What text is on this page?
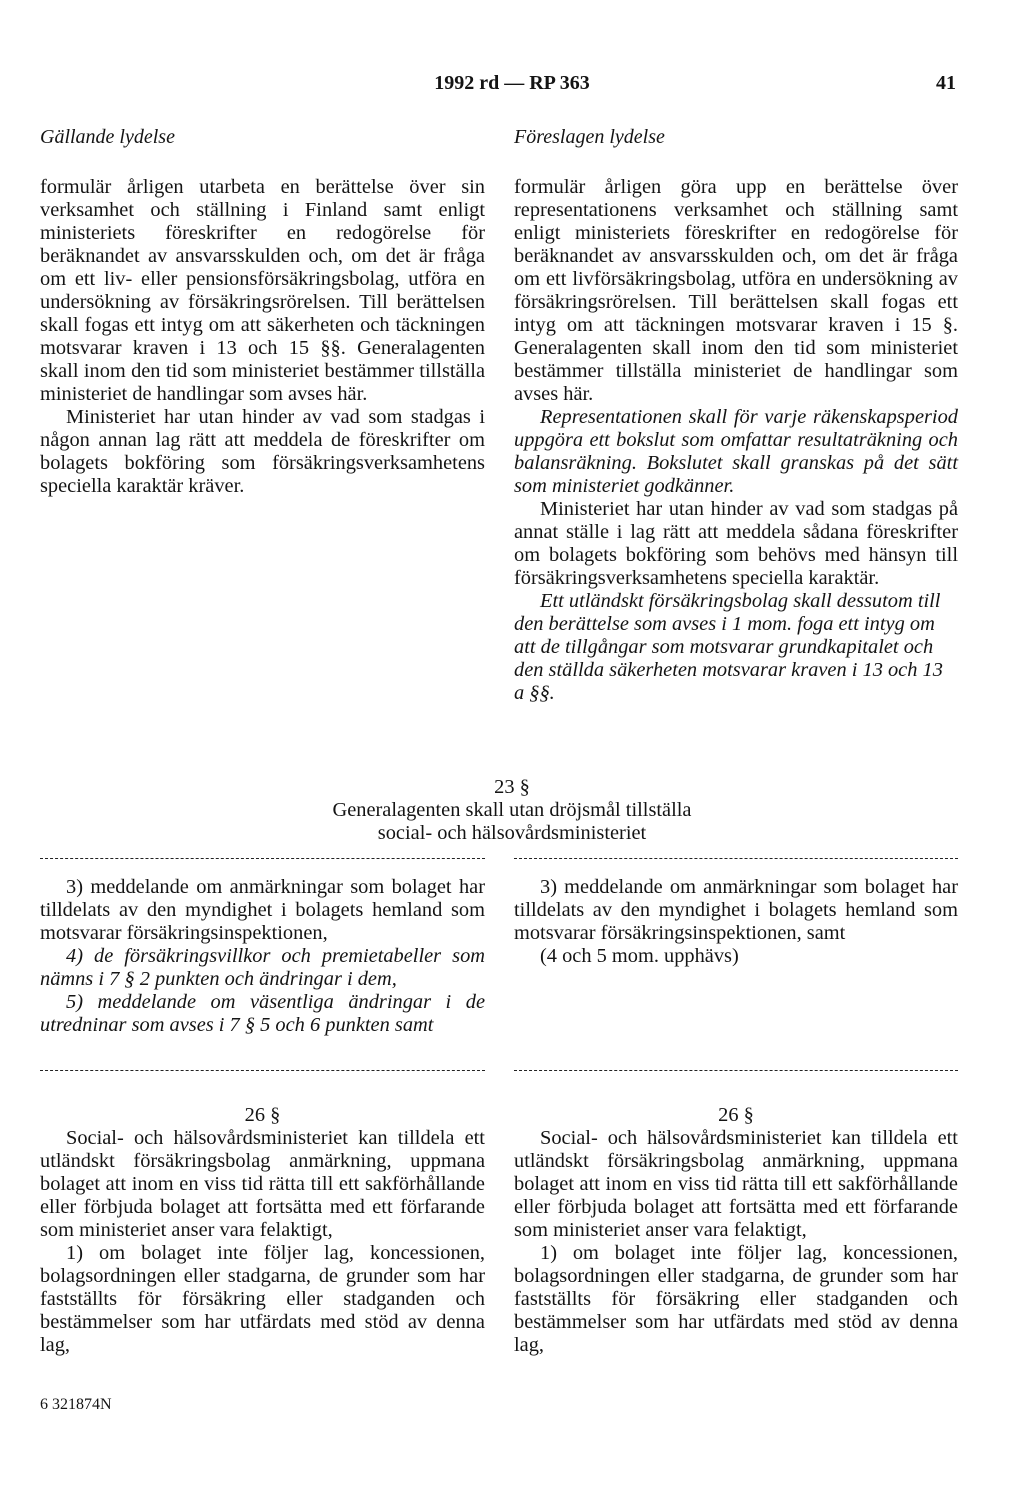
1992 rd — RP 363	41
Gällande lydelse	Föreslagen lydelse

formulär årligen utarbeta en berättelse över sin verksamhet och ställning i Finland samt enligt ministeriets föreskrifter en redogörelse för beräknandet av ansvarsskulden och, om det är fråga om ett liv- eller pensionsförsäkringsbolag, utföra en undersökning av försäkringsrörelsen. Till berättelsen skall fogas ett intyg om att säkerheten och täckningen motsvarar kraven i 13 och 15 §§. Generalagenten skall inom den tid som ministeriet bestämmer tillställa ministeriet de handlingar som avses här.

Ministeriet har utan hinder av vad som stadgas i någon annan lag rätt att meddela de föreskrifter om bolagets bokföring som försäkringsverksamhetens speciella karaktär kräver.

formulär årligen göra upp en berättelse över representationens verksamhet och ställning samt enligt ministeriets föreskrifter en redogörelse för beräknandet av ansvarsskulden och, om det är fråga om ett livförsäkringsbolag, utföra en undersökning av försäkringsrörelsen. Till berättelsen skall fogas ett intyg om att täckningen motsvarar kraven i 15 §. Generalagenten skall inom den tid som ministeriet bestämmer tillställa ministeriet de handlingar som avses här.

Representationen skall för varje räkenskapsperiod uppgöra ett bokslut som omfattar resultaträkning och balansräkning. Bokslutet skall granskas på det sätt som ministeriet godkänner.

Ministeriet har utan hinder av vad som stadgas på annat ställe i lag rätt att meddela sådana föreskrifter om bolagets bokföring som behövs med hänsyn till försäkringsverksamhetens speciella karaktär.

Ett utländskt försäkringsbolag skall dessutom till den berättelse som avses i 1 mom. foga ett intyg om att de tillgångar som motsvarar grundkapitalet och den ställda säkerheten motsvarar kraven i 13 och 13 a §§.

23 §
Generalagenten skall utan dröjsmål tillställa
social- och hälsovårdsministeriet

3) meddelande om anmärkningar som bolaget har tilldelats av den myndighet i bolagets hemland som motsvarar försäkringsinspektionen,

4) de försäkringsvillkor och premietabeller som nämns i 7 § 2 punkten och ändringar i dem,

5) meddelande om väsentliga ändringar i de utredninar som avses i 7 § 5 och 6 punkten samt

3) meddelande om anmärkningar som bolaget har tilldelats av den myndighet i bolagets hemland som motsvarar försäkringsinspektionen, samt

(4 och 5 mom. upphävs)

26 §

Social- och hälsovårdsministeriet kan tilldela ett utländskt försäkringsbolag anmärkning, uppmana bolaget att inom en viss tid rätta till ett sakförhållande eller förbjuda bolaget att fortsätta med ett förfarande som ministeriet anser vara felaktigt,

1) om bolaget inte följer lag, koncessionen, bolagsordningen eller stadgarna, de grunder som har fastställts för försäkring eller stadganden och bestämmelser som har utfärdats med stöd av denna lag,

26 §

Social- och hälsovårdsministeriet kan tilldela ett utländskt försäkringsbolag anmärkning, uppmana bolaget att inom en viss tid rätta till ett sakförhållande eller förbjuda bolaget att fortsätta med ett förfarande som ministeriet anser vara felaktigt,

1) om bolaget inte följer lag, koncessionen, bolagsordningen eller stadgarna, de grunder som har fastställts för försäkring eller stadganden och bestämmelser som har utfärdats med stöd av denna lag,

6 321874N
